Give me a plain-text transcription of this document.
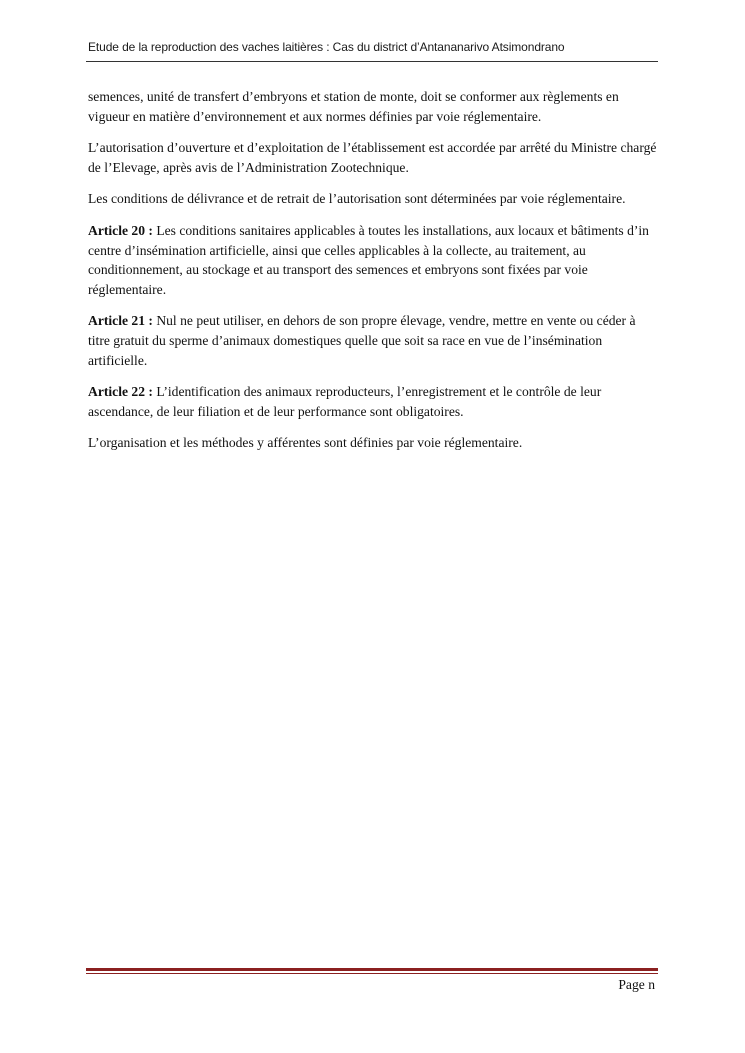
Etude de la reproduction des vaches laitières : Cas du district d’Antananarivo Atsimondrano

semences, unité de transfert d’embryons et station de monte, doit se conformer aux règlements en vigueur en matière d’environnement et aux normes définies par voie réglementaire.

L’autorisation d’ouverture et d’exploitation de l’établissement est accordée par arrêté du Ministre chargé de l’Elevage, après avis de l’Administration Zootechnique.

Les conditions de délivrance et de retrait de l’autorisation sont déterminées par voie réglementaire.

Article 20 : Les conditions sanitaires applicables à toutes les installations, aux locaux et bâtiments d’in centre d’insémination artificielle, ainsi que celles applicables à la collecte, au traitement, au conditionnement, au stockage et au transport des semences et embryons sont fixées par voie réglementaire.

Article 21 : Nul ne peut utiliser, en dehors de son propre élevage, vendre, mettre en vente ou céder à titre gratuit du sperme d’animaux domestiques quelle que soit sa race en vue de l’insémination artificielle.

Article 22 : L’identification des animaux reproducteurs, l’enregistrement et le contrôle de leur ascendance, de leur filiation et de leur performance sont obligatoires.

L’organisation et les méthodes y afférentes sont définies par voie réglementaire.

Page n
